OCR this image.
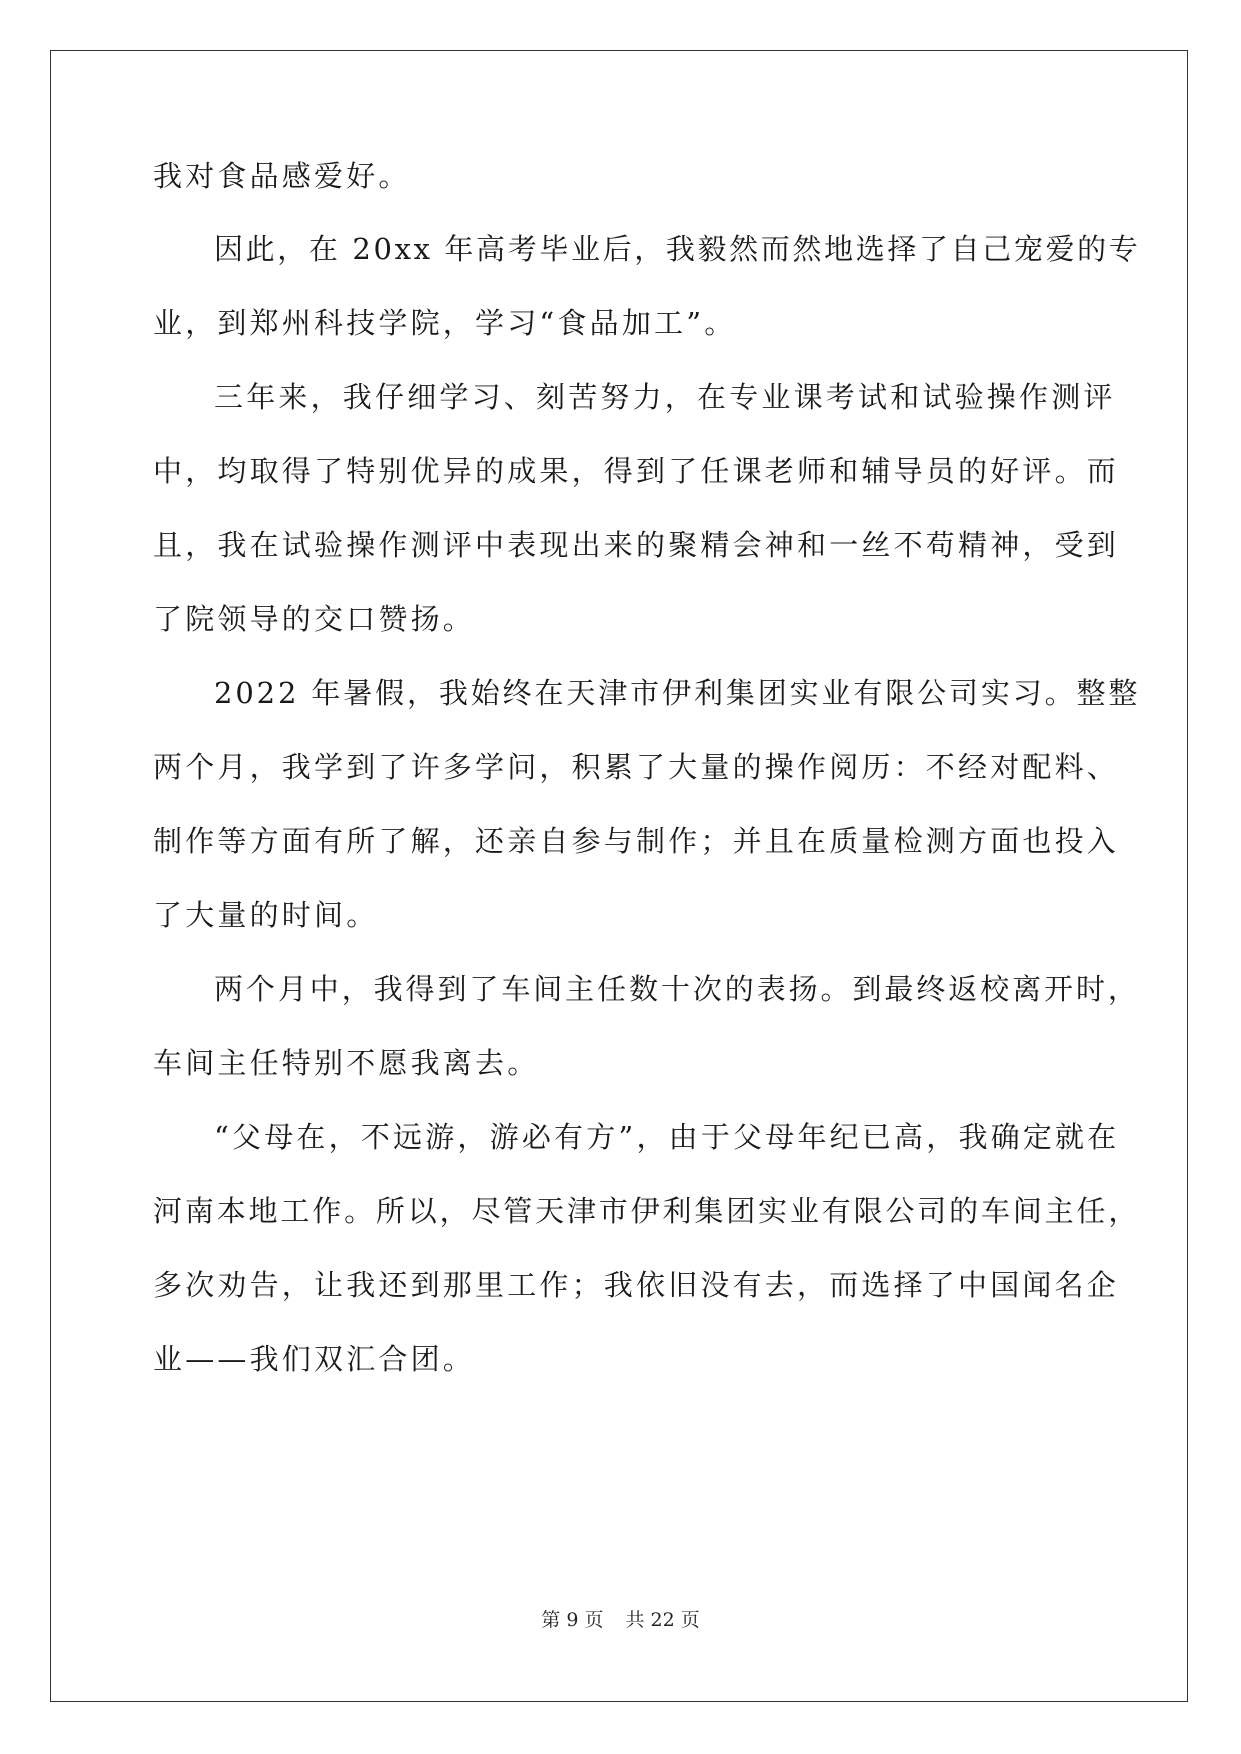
我对食品感爱好。
因此，在 20xx 年高考毕业后，我毅然而然地选择了自己宠爱的专
业，到郑州科技学院，学习“食品加工”。
三年来，我仔细学习、刻苦努力，在专业课考试和试验操作测评
中，均取得了特别优异的成果，得到了任课老师和辅导员的好评。而
且，我在试验操作测评中表现出来的聚精会神和一丝不苟精神，受到
了院领导的交口赞扬。
2022 年暑假，我始终在天津市伊利集团实业有限公司实习。整整
两个月，我学到了许多学问，积累了大量的操作阅历：不经对配料、
制作等方面有所了解，还亲自参与制作；并且在质量检测方面也投入
了大量的时间。
两个月中，我得到了车间主任数十次的表扬。到最终返校离开时，
车间主任特别不愿我离去。
“父母在，不远游，游必有方”，由于父母年纪已高，我确定就在
河南本地工作。所以，尽管天津市伊利集团实业有限公司的车间主任，
多次劝告，让我还到那里工作；我依旧没有去，而选择了中国闻名企
业——我们双汇合团。
第 9 页 共 22 页
